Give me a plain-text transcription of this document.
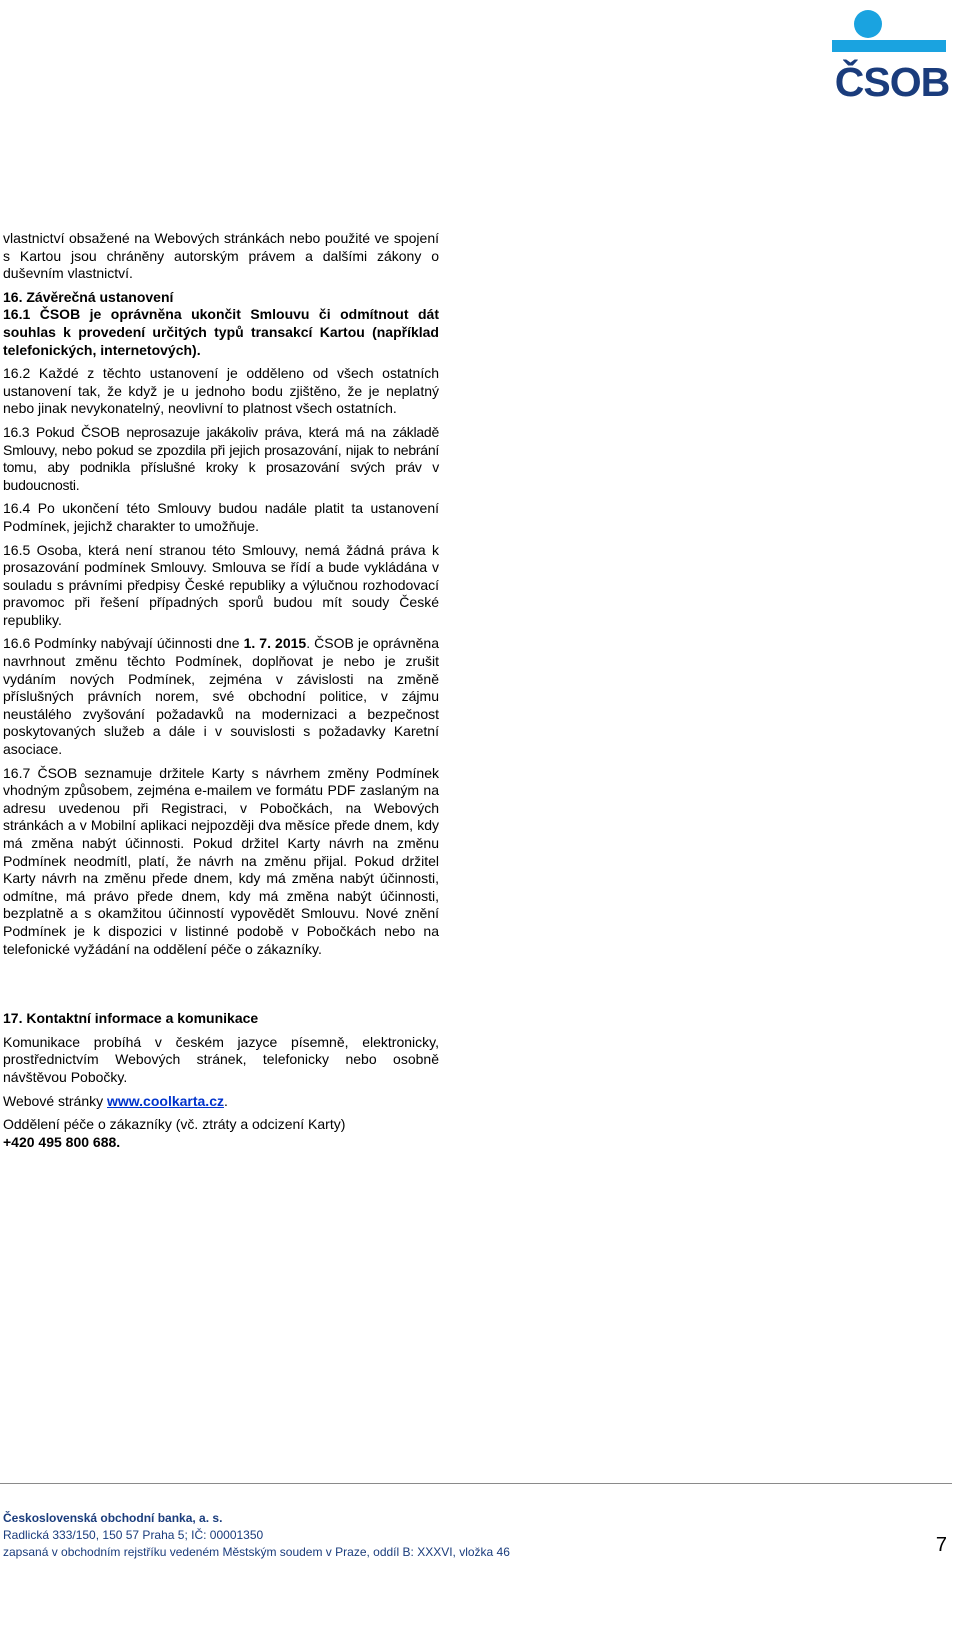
ČSOB

vlastnictví obsažené na Webových stránkách nebo použité ve spojení s Kartou jsou chráněny autorským právem a dalšími zákony o duševním vlastnictví.

16. Závěrečná ustanovení

16.1 ČSOB je oprávněna ukončit Smlouvu či odmítnout dát souhlas k provedení určitých typů transakcí Kartou (například telefonických, internetových).

16.2 Každé z těchto ustanovení je odděleno od všech ostatních ustanovení tak, že když je u jednoho bodu zjištěno, že je neplatný nebo jinak nevykonatelný, neovlivní to platnost všech ostatních.

16.3 Pokud ČSOB neprosazuje jakákoliv práva, která má na základě Smlouvy, nebo pokud se zpozdila při jejich prosazování, nijak to nebrání tomu, aby podnikla příslušné kroky k prosazování svých práv v budoucnosti.

16.4 Po ukončení této Smlouvy budou nadále platit ta ustanovení Podmínek, jejichž charakter to umožňuje.

16.5 Osoba, která není stranou této Smlouvy, nemá žádná práva k prosazování podmínek Smlouvy. Smlouva se řídí a bude vykládána v souladu s právními předpisy České republiky a výlučnou rozhodovací pravomoc při řešení případných sporů budou mít soudy České republiky.

16.6 Podmínky nabývají účinnosti dne 1. 7. 2015. ČSOB je oprávněna navrhnout změnu těchto Podmínek, doplňovat je nebo je zrušit vydáním nových Podmínek, zejména v závislosti na změně příslušných právních norem, své obchodní politice, v zájmu neustálého zvyšování požadavků na modernizaci a bezpečnost poskytovaných služeb a dále i v souvislosti s požadavky Karetní asociace.

16.7 ČSOB seznamuje držitele Karty s návrhem změny Podmínek vhodným způsobem, zejména e-mailem ve formátu PDF zaslaným na adresu uvedenou při Registraci, v Pobočkách, na Webových stránkách a v Mobilní aplikaci nejpozději dva měsíce přede dnem, kdy má změna nabýt účinnosti. Pokud držitel Karty návrh na změnu Podmínek neodmítl, platí, že návrh na změnu přijal. Pokud držitel Karty návrh na změnu přede dnem, kdy má změna nabýt účinnosti, odmítne, má právo přede dnem, kdy má změna nabýt účinnosti, bezplatně a s okamžitou účinností vypovědět Smlouvu. Nové znění Podmínek je k dispozici v listinné podobě v Pobočkách nebo na telefonické vyžádání na oddělení péče o zákazníky.

17. Kontaktní informace a komunikace

Komunikace probíhá v českém jazyce písemně, elektronicky, prostřednictvím Webových stránek, telefonicky nebo osobně návštěvou Pobočky.

Webové stránky www.coolkarta.cz.

Oddělení péče o zákazníky (vč. ztráty a odcizení Karty)

+420 495 800 688.

Československá obchodní banka, a. s.
Radlická 333/150, 150 57 Praha 5; IČ: 00001350
zapsaná v obchodním rejstříku vedeném Městským soudem v Praze, oddíl B: XXXVI, vložka 46	7
